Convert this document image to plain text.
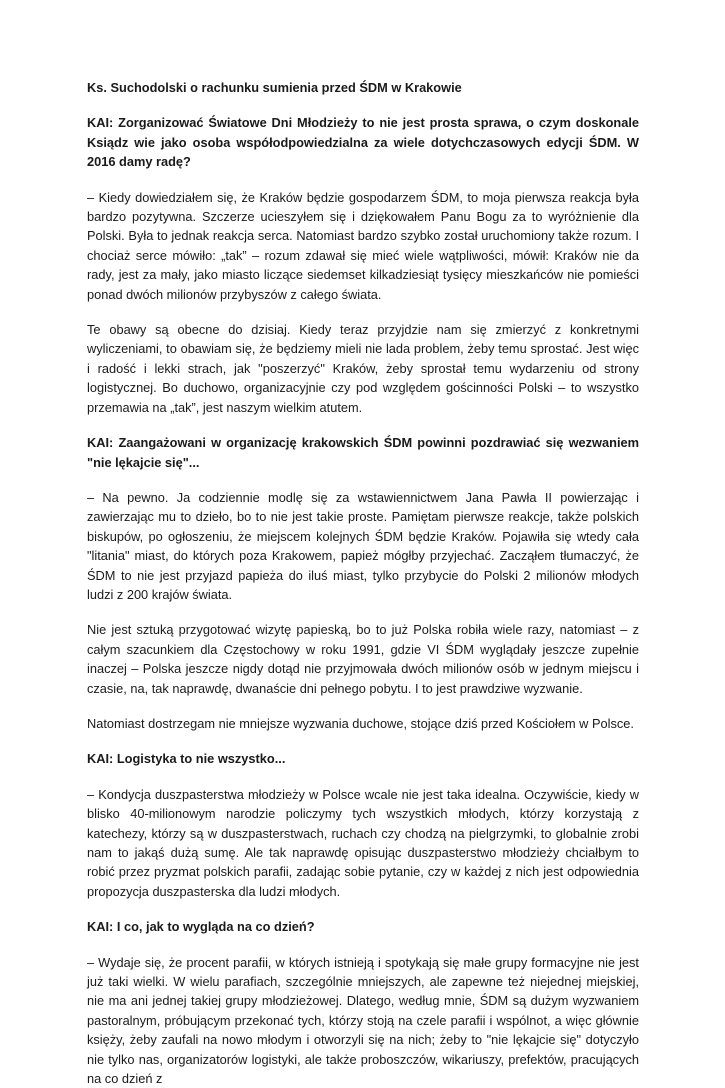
Ks. Suchodolski o rachunku sumienia przed ŚDM w Krakowie

KAI: Zorganizować Światowe Dni Młodzieży to nie jest prosta sprawa, o czym doskonale Ksiądz wie jako osoba współodpowiedzialna za wiele dotychczasowych edycji ŚDM. W 2016 damy radę?

– Kiedy dowiedziałem się, że Kraków będzie gospodarzem ŚDM, to moja pierwsza reakcja była bardzo pozytywna. Szczerze ucieszyłem się i dziękowałem Panu Bogu za to wyróżnienie dla Polski. Była to jednak reakcja serca. Natomiast bardzo szybko został uruchomiony także rozum. I chociaż serce mówiło: „tak” – rozum zdawał się mieć wiele wątpliwości, mówił: Kraków nie da rady, jest za mały, jako miasto liczące siedemset kilkadziesiąt tysięcy mieszkańców nie pomieści ponad dwóch milionów przybyszów z całego świata.

Te obawy są obecne do dzisiaj. Kiedy teraz przyjdzie nam się zmierzyć z konkretnymi wyliczeniami, to obawiam się, że będziemy mieli nie lada problem, żeby temu sprostać. Jest więc i radość i lekki strach, jak "poszerzyć" Kraków, żeby sprostał temu wydarzeniu od strony logistycznej. Bo duchowo, organizacyjnie czy pod względem gościnności Polski – to wszystko przemawia na „tak”, jest naszym wielkim atutem.

KAI: Zaangażowani w organizację krakowskich ŚDM powinni pozdrawiać się wezwaniem "nie lękajcie się"...

– Na pewno. Ja codziennie modlę się za wstawiennictwem Jana Pawła II powierzając i zawierzając mu to dzieło, bo to nie jest takie proste. Pamiętam pierwsze reakcje, także polskich biskupów, po ogłoszeniu, że miejscem kolejnych ŚDM będzie Kraków. Pojawiła się wtedy cała "litania" miast, do których poza Krakowem, papież mógłby przyjechać. Zacząłem tłumaczyć, że ŚDM to nie jest przyjazd papieża do iluś miast, tylko przybycie do Polski 2 milionów młodych ludzi z 200 krajów świata.

Nie jest sztuką przygotować wizytę papieską, bo to już Polska robiła wiele razy, natomiast – z całym szacunkiem dla Częstochowy w roku 1991, gdzie VI ŚDM wyglądały jeszcze zupełnie inaczej – Polska jeszcze nigdy dotąd nie przyjmowała dwóch milionów osób w jednym miejscu i czasie, na, tak naprawdę, dwanaście dni pełnego pobytu. I to jest prawdziwe wyzwanie.

Natomiast dostrzegam nie mniejsze wyzwania duchowe, stojące dziś przed Kościołem w Polsce.

KAI: Logistyka to nie wszystko...

– Kondycja duszpasterstwa młodzieży w Polsce wcale nie jest taka idealna. Oczywiście, kiedy w blisko 40-milionowym narodzie policzymy tych wszystkich młodych, którzy korzystają z katechezy, którzy są w duszpasterstwach, ruchach czy chodzą na pielgrzymki, to globalnie zrobi nam to jakąś dużą sumę. Ale tak naprawdę opisując duszpasterstwo młodzieży chciałbym to robić przez pryzmat polskich parafii, zadając sobie pytanie, czy w każdej z nich jest odpowiednia propozycja duszpasterska dla ludzi młodych.

KAI: I co, jak to wygląda na co dzień?

– Wydaje się, że procent parafii, w których istnieją i spotykają się małe grupy formacyjne nie jest już taki wielki. W wielu parafiach, szczególnie mniejszych, ale zapewne też niejednej miejskiej, nie ma ani jednej takiej grupy młodzieżowej. Dlatego, według mnie, ŚDM są dużym wyzwaniem pastoralnym, próbującym przekonać tych, którzy stoją na czele parafii i wspólnot, a więc głównie księży, żeby zaufali na nowo młodym i otworzyli się na nich; żeby to "nie lękajcie się" dotyczyło nie tylko nas, organizatorów logistyki, ale także proboszczów, wikariuszy, prefektów, pracujących na co dzień z
